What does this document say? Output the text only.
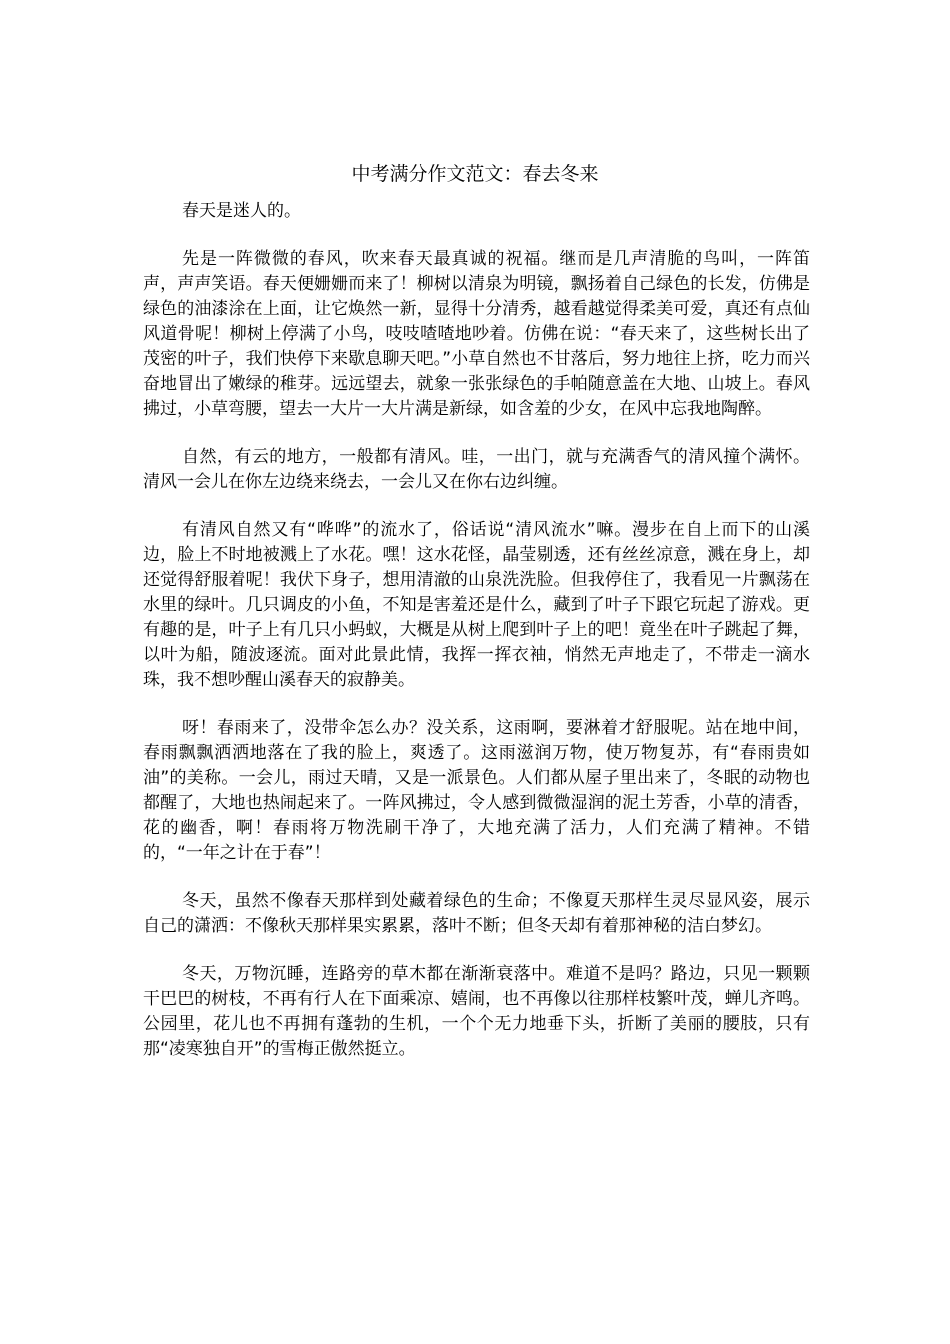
中考满分作文范文：春去冬来

春天是迷人的。

先是一阵微微的春风，吹来春天最真诚的祝福。继而是几声清脆的鸟叫，一阵笛声，声声笑语。春天便姗姗而来了！柳树以清泉为明镜，飘扬着自己绿色的长发，仿佛是绿色的油漆涂在上面，让它焕然一新，显得十分清秀，越看越觉得柔美可爱，真还有点仙风道骨呢！柳树上停满了小鸟，吱吱喳喳地吵着。仿佛在说：“春天来了，这些树长出了茂密的叶子，我们快停下来歇息聊天吧。”小草自然也不甘落后，努力地往上挤，吃力而兴奋地冒出了嫩绿的稚芽。远远望去，就象一张张绿色的手帕随意盖在大地、山坡上。春风拂过，小草弯腰，望去一大片一大片满是新绿，如含羞的少女，在风中忘我地陶醉。

自然，有云的地方，一般都有清风。哇，一出门，就与充满香气的清风撞个满怀。清风一会儿在你左边绕来绕去，一会儿又在你右边纠缠。

有清风自然又有“哗哗”的流水了，俗话说“清风流水”嘛。漫步在自上而下的山溪边，脸上不时地被溅上了水花。嘿！这水花怪，晶莹剔透，还有丝丝凉意，溅在身上，却还觉得舒服着呢！我伏下身子，想用清澈的山泉洗洗脸。但我停住了，我看见一片飘荡在水里的绿叶。几只调皮的小鱼，不知是害羞还是什么，藏到了叶子下跟它玩起了游戏。更有趣的是，叶子上有几只小蚂蚁，大概是从树上爬到叶子上的吧！竟坐在叶子跳起了舞，以叶为船，随波逐流。面对此景此情，我挥一挥衣袖，悄然无声地走了，不带走一滴水珠，我不想吵醒山溪春天的寂静美。

呀！春雨来了，没带伞怎么办？没关系，这雨啊，要淋着才舒服呢。站在地中间，春雨飘飘洒洒地落在了我的脸上，爽透了。这雨滋润万物，使万物复苏，有“春雨贵如油”的美称。一会儿，雨过天晴，又是一派景色。人们都从屋子里出来了，冬眠的动物也都醒了，大地也热闹起来了。一阵风拂过，令人感到微微湿润的泥土芳香，小草的清香，花的幽香，啊！春雨将万物洗刷干净了，大地充满了活力，人们充满了精神。不错的，“一年之计在于春”！

冬天，虽然不像春天那样到处藏着绿色的生命；不像夏天那样生灵尽显风姿，展示自己的潇洒：不像秋天那样果实累累，落叶不断；但冬天却有着那神秘的洁白梦幻。

冬天，万物沉睡，连路旁的草木都在渐渐衰落中。难道不是吗？路边，只见一颗颗干巴巴的树枝，不再有行人在下面乘凉、嬉闹，也不再像以往那样枝繁叶茂，蝉儿齐鸣。公园里，花儿也不再拥有蓬勃的生机，一个个无力地垂下头，折断了美丽的腰肢，只有那“凌寒独自开”的雪梅正傲然挺立。
